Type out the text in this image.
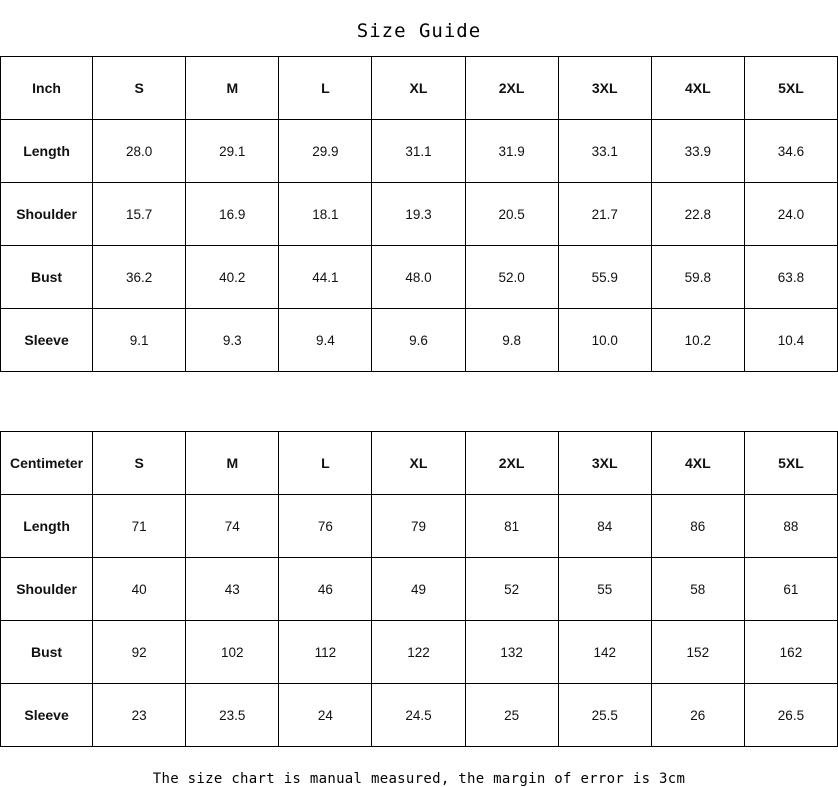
Size Guide
Inch	S	M	L	XL	2XL	3XL	4XL	5XL
Length	28.0	29.1	29.9	31.1	31.9	33.1	33.9	34.6
Shoulder	15.7	16.9	18.1	19.3	20.5	21.7	22.8	24.0
Bust	36.2	40.2	44.1	48.0	52.0	55.9	59.8	63.8
Sleeve	9.1	9.3	9.4	9.6	9.8	10.0	10.2	10.4
Centimeter	S	M	L	XL	2XL	3XL	4XL	5XL
Length	71	74	76	79	81	84	86	88
Shoulder	40	43	46	49	52	55	58	61
Bust	92	102	112	122	132	142	152	162
Sleeve	23	23.5	24	24.5	25	25.5	26	26.5
The size chart is manual measured, the margin of error is 3cm
